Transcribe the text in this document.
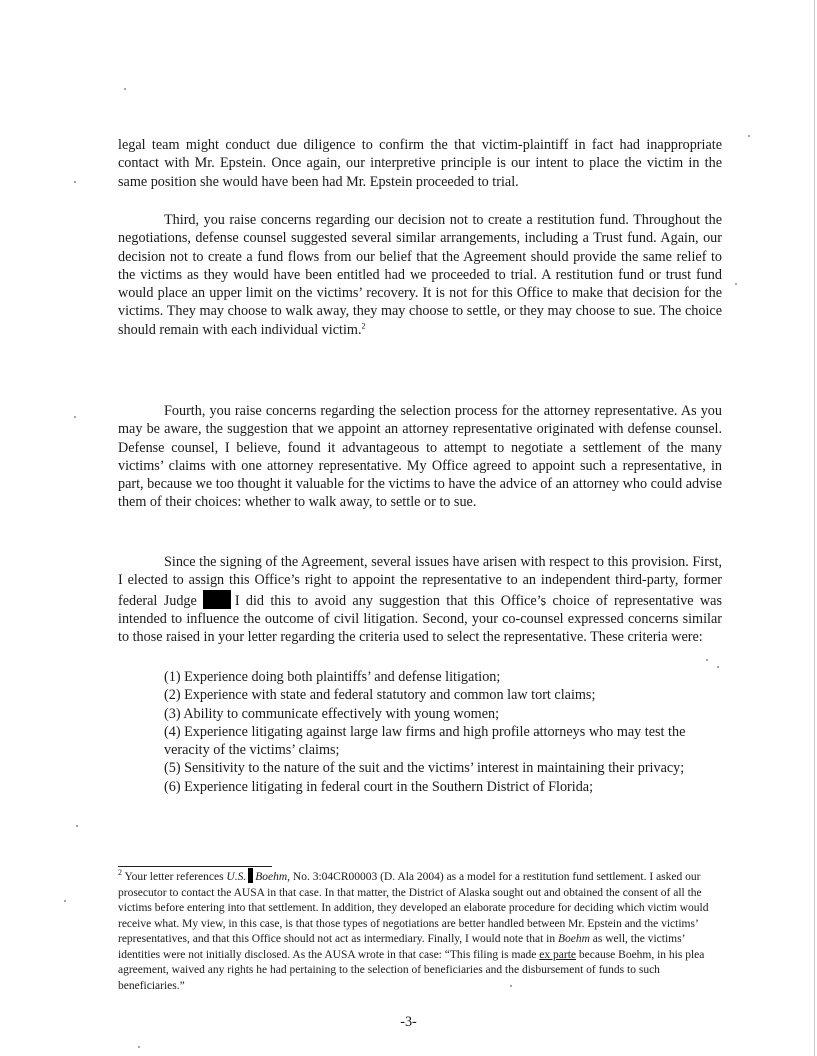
legal team might conduct due diligence to confirm the that victim-plaintiff in fact had inappropriate contact with Mr. Epstein. Once again, our interpretive principle is our intent to place the victim in the same position she would have been had Mr. Epstein proceeded to trial.

Third, you raise concerns regarding our decision not to create a restitution fund. Throughout the negotiations, defense counsel suggested several similar arrangements, including a Trust fund. Again, our decision not to create a fund flows from our belief that the Agreement should provide the same relief to the victims as they would have been entitled had we proceeded to trial. A restitution fund or trust fund would place an upper limit on the victims’ recovery. It is not for this Office to make that decision for the victims. They may choose to walk away, they may choose to settle, or they may choose to sue. The choice should remain with each individual victim.$^2$

Fourth, you raise concerns regarding the selection process for the attorney representative. As you may be aware, the suggestion that we appoint an attorney representative originated with defense counsel. Defense counsel, I believe, found it advantageous to attempt to negotiate a settlement of the many victims’ claims with one attorney representative. My Office agreed to appoint such a representative, in part, because we too thought it valuable for the victims to have the advice of an attorney who could advise them of their choices: whether to walk away, to settle or to sue.

Since the signing of the Agreement, several issues have arisen with respect to this provision. First, I elected to assign this Office’s right to appoint the representative to an independent third-party, former federal Judge	I did this to avoid any suggestion that this Office’s choice of representative was intended to influence the outcome of civil litigation. Second, your co-counsel expressed concerns similar to those raised in your letter regarding the criteria used to select the representative. These criteria were:

(1) Experience doing both plaintiffs’ and defense litigation;
(2) Experience with state and federal statutory and common law tort claims;
(3) Ability to communicate effectively with young women;
(4) Experience litigating against large law firms and high profile attorneys who may test the veracity of the victims’ claims;
(5) Sensitivity to the nature of the suit and the victims’ interest in maintaining their privacy;
(6) Experience litigating in federal court in the Southern District of Florida;

$^2$ Your letter references U.S. Boehm, No. 3:04CR00003 (D. Ala 2004) as a model for a restitution fund settlement. I asked our prosecutor to contact the AUSA in that case. In that matter, the District of Alaska sought out and obtained the consent of all the victims before entering into that settlement. In addition, they developed an elaborate procedure for deciding which victim would receive what. My view, in this case, is that those types of negotiations are better handled between Mr. Epstein and the victims’ representatives, and that this Office should not act as intermediary. Finally, I would note that in Boehm as well, the victims’ identities were not initially disclosed. As the AUSA wrote in that case: “This filing is made ex parte because Boehm, in his plea agreement, waived any rights he had pertaining to the selection of beneficiaries and the disbursement of funds to such beneficiaries.”

-3-
